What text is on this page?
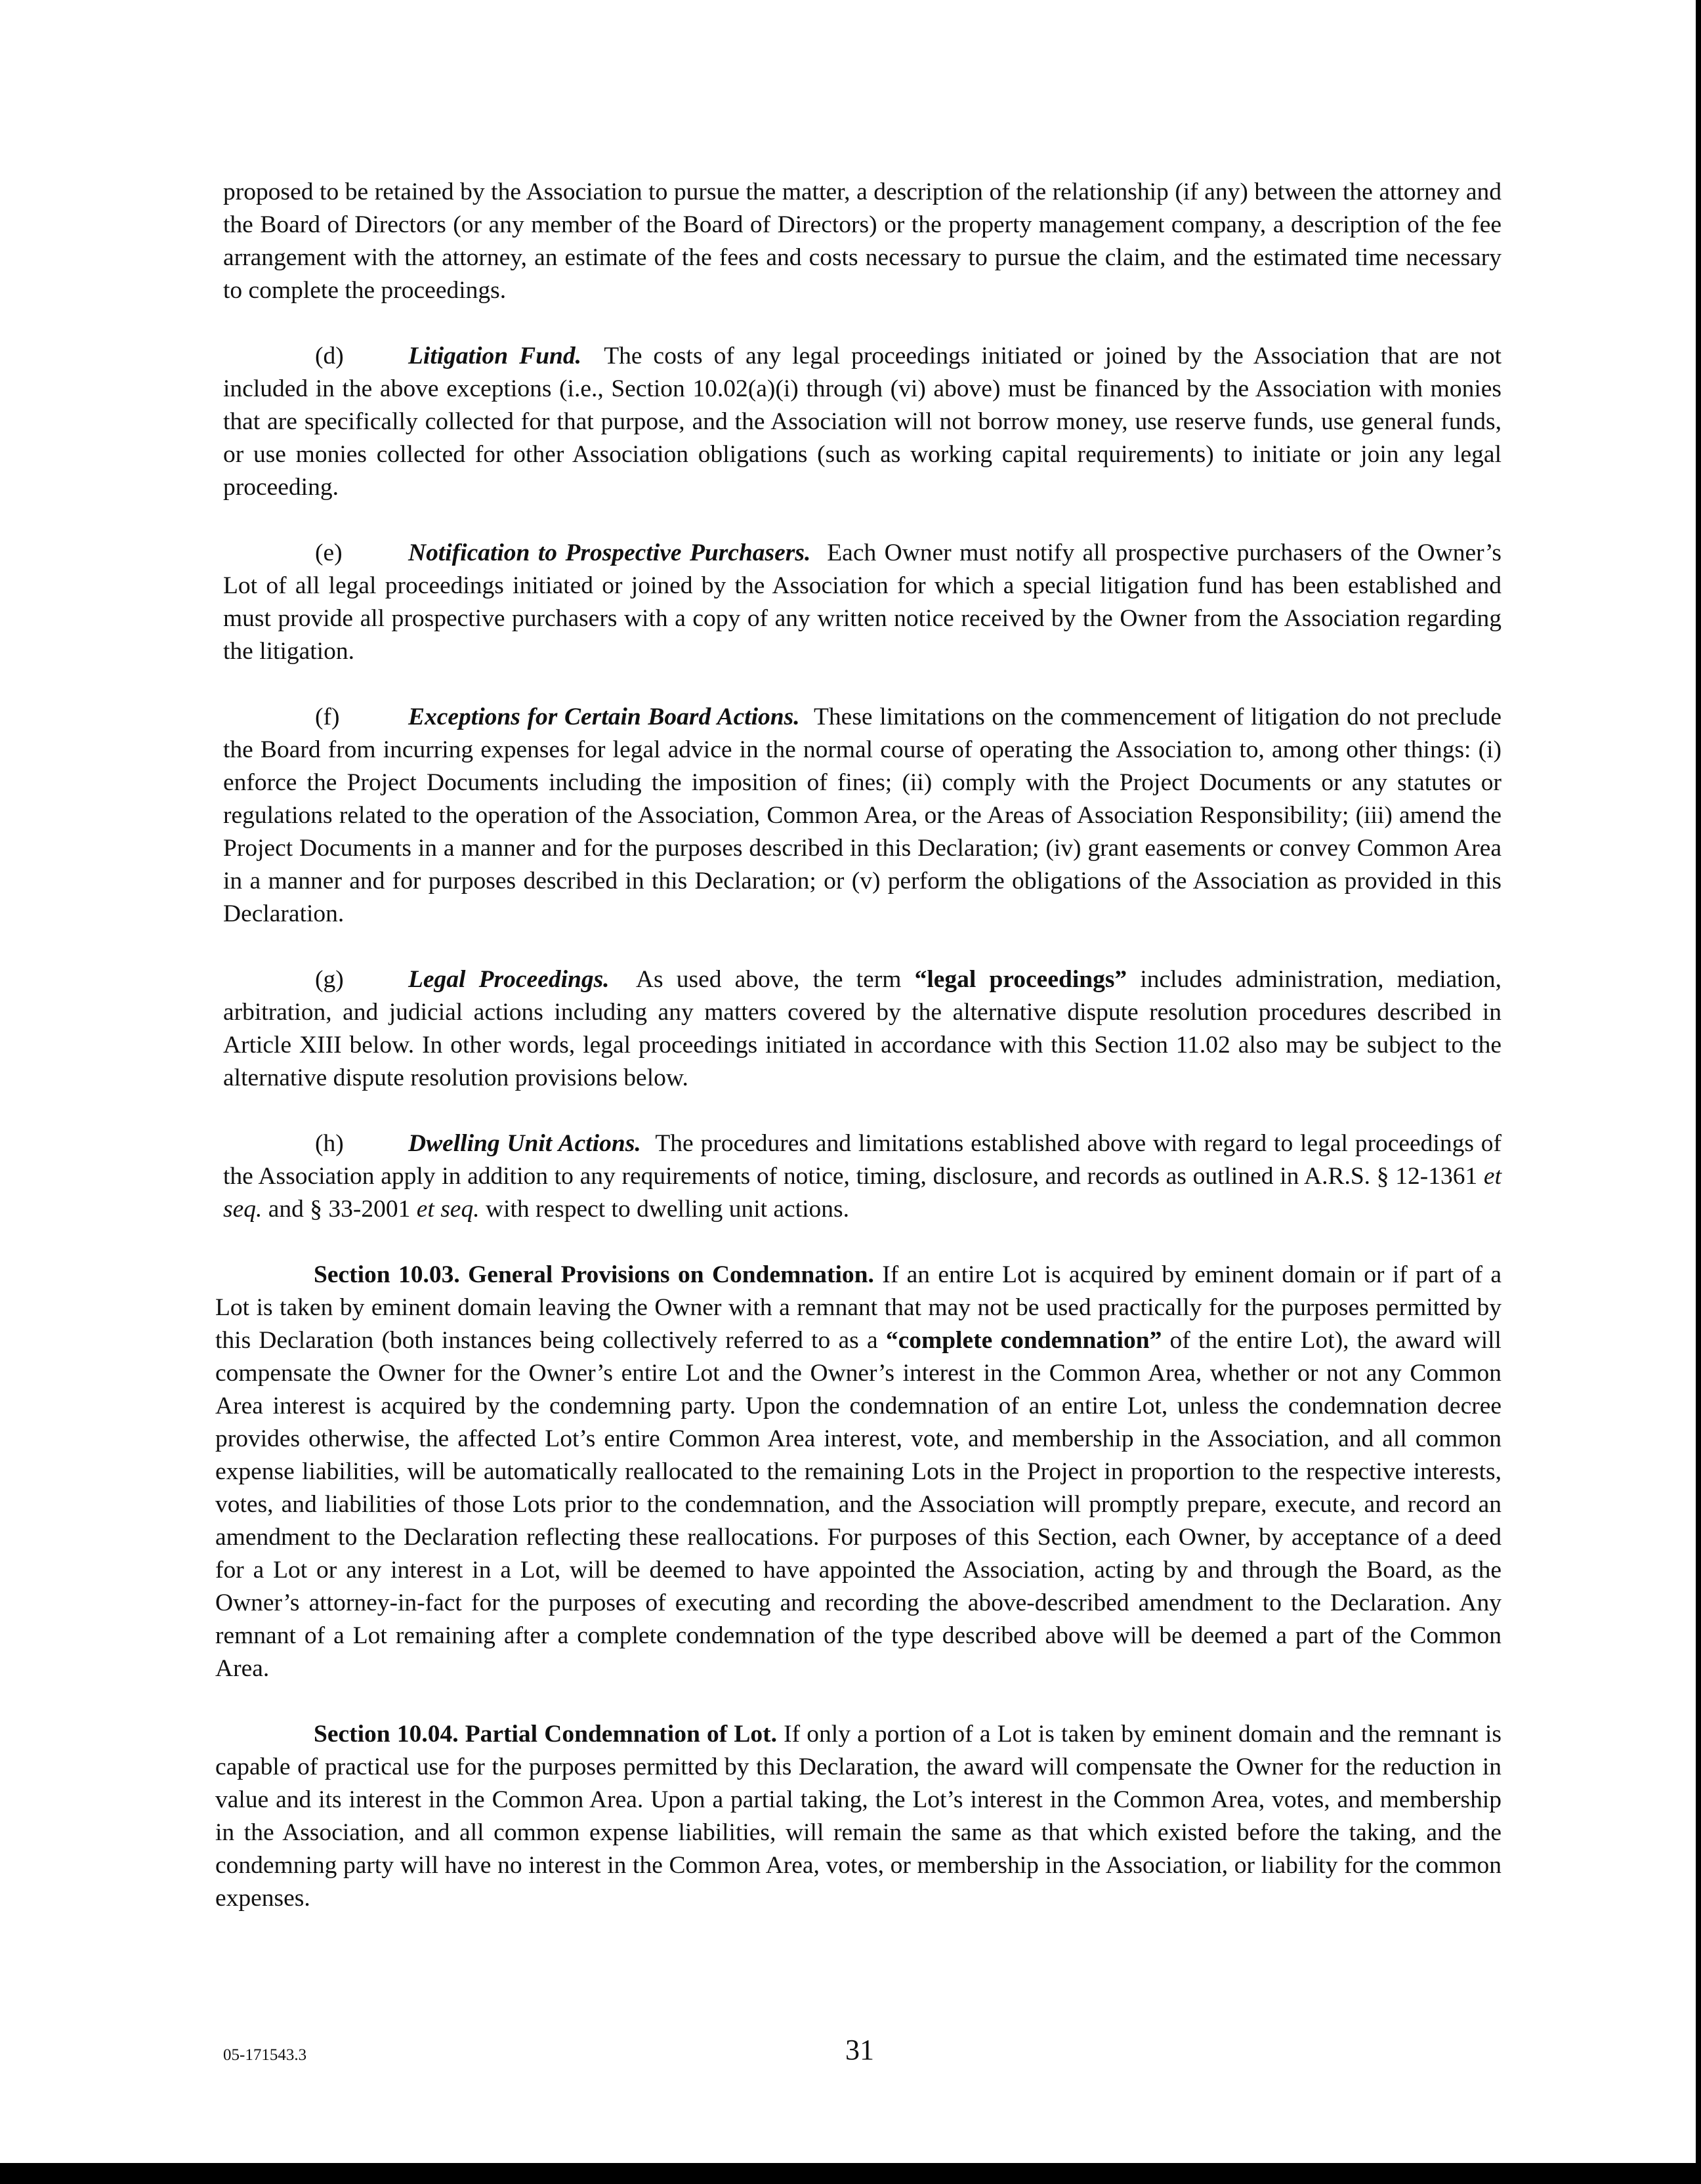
proposed to be retained by the Association to pursue the matter, a description of the relationship (if any) between the attorney and the Board of Directors (or any member of the Board of Directors) or the property management company, a description of the fee arrangement with the attorney, an estimate of the fees and costs necessary to pursue the claim, and the estimated time necessary to complete the proceedings.

(d)	Litigation Fund. The costs of any legal proceedings initiated or joined by the Association that are not included in the above exceptions (i.e., Section 10.02(a)(i) through (vi) above) must be financed by the Association with monies that are specifically collected for that purpose, and the Association will not borrow money, use reserve funds, use general funds, or use monies collected for other Association obligations (such as working capital requirements) to initiate or join any legal proceeding.

(e)	Notification to Prospective Purchasers. Each Owner must notify all prospective purchasers of the Owner’s Lot of all legal proceedings initiated or joined by the Association for which a special litigation fund has been established and must provide all prospective purchasers with a copy of any written notice received by the Owner from the Association regarding the litigation.

(f)	Exceptions for Certain Board Actions. These limitations on the commencement of litigation do not preclude the Board from incurring expenses for legal advice in the normal course of operating the Association to, among other things: (i) enforce the Project Documents including the imposition of fines; (ii) comply with the Project Documents or any statutes or regulations related to the operation of the Association, Common Area, or the Areas of Association Responsibility; (iii) amend the Project Documents in a manner and for the purposes described in this Declaration; (iv) grant easements or convey Common Area in a manner and for purposes described in this Declaration; or (v) perform the obligations of the Association as provided in this Declaration.

(g)	Legal Proceedings. As used above, the term “legal proceedings” includes administration, mediation, arbitration, and judicial actions including any matters covered by the alternative dispute resolution procedures described in Article XIII below. In other words, legal proceedings initiated in accordance with this Section 11.02 also may be subject to the alternative dispute resolution provisions below.

(h)	Dwelling Unit Actions. The procedures and limitations established above with regard to legal proceedings of the Association apply in addition to any requirements of notice, timing, disclosure, and records as outlined in A.R.S. § 12-1361 et seq. and § 33-2001 et seq. with respect to dwelling unit actions.

Section 10.03. General Provisions on Condemnation. If an entire Lot is acquired by eminent domain or if part of a Lot is taken by eminent domain leaving the Owner with a remnant that may not be used practically for the purposes permitted by this Declaration (both instances being collectively referred to as a “complete condemnation” of the entire Lot), the award will compensate the Owner for the Owner’s entire Lot and the Owner’s interest in the Common Area, whether or not any Common Area interest is acquired by the condemning party. Upon the condemnation of an entire Lot, unless the condemnation decree provides otherwise, the affected Lot’s entire Common Area interest, vote, and membership in the Association, and all common expense liabilities, will be automatically reallocated to the remaining Lots in the Project in proportion to the respective interests, votes, and liabilities of those Lots prior to the condemnation, and the Association will promptly prepare, execute, and record an amendment to the Declaration reflecting these reallocations. For purposes of this Section, each Owner, by acceptance of a deed for a Lot or any interest in a Lot, will be deemed to have appointed the Association, acting by and through the Board, as the Owner’s attorney-in-fact for the purposes of executing and recording the above-described amendment to the Declaration. Any remnant of a Lot remaining after a complete condemnation of the type described above will be deemed a part of the Common Area.

Section 10.04. Partial Condemnation of Lot. If only a portion of a Lot is taken by eminent domain and the remnant is capable of practical use for the purposes permitted by this Declaration, the award will compensate the Owner for the reduction in value and its interest in the Common Area. Upon a partial taking, the Lot’s interest in the Common Area, votes, and membership in the Association, and all common expense liabilities, will remain the same as that which existed before the taking, and the condemning party will have no interest in the Common Area, votes, or membership in the Association, or liability for the common expenses.

05-171543.3	31
